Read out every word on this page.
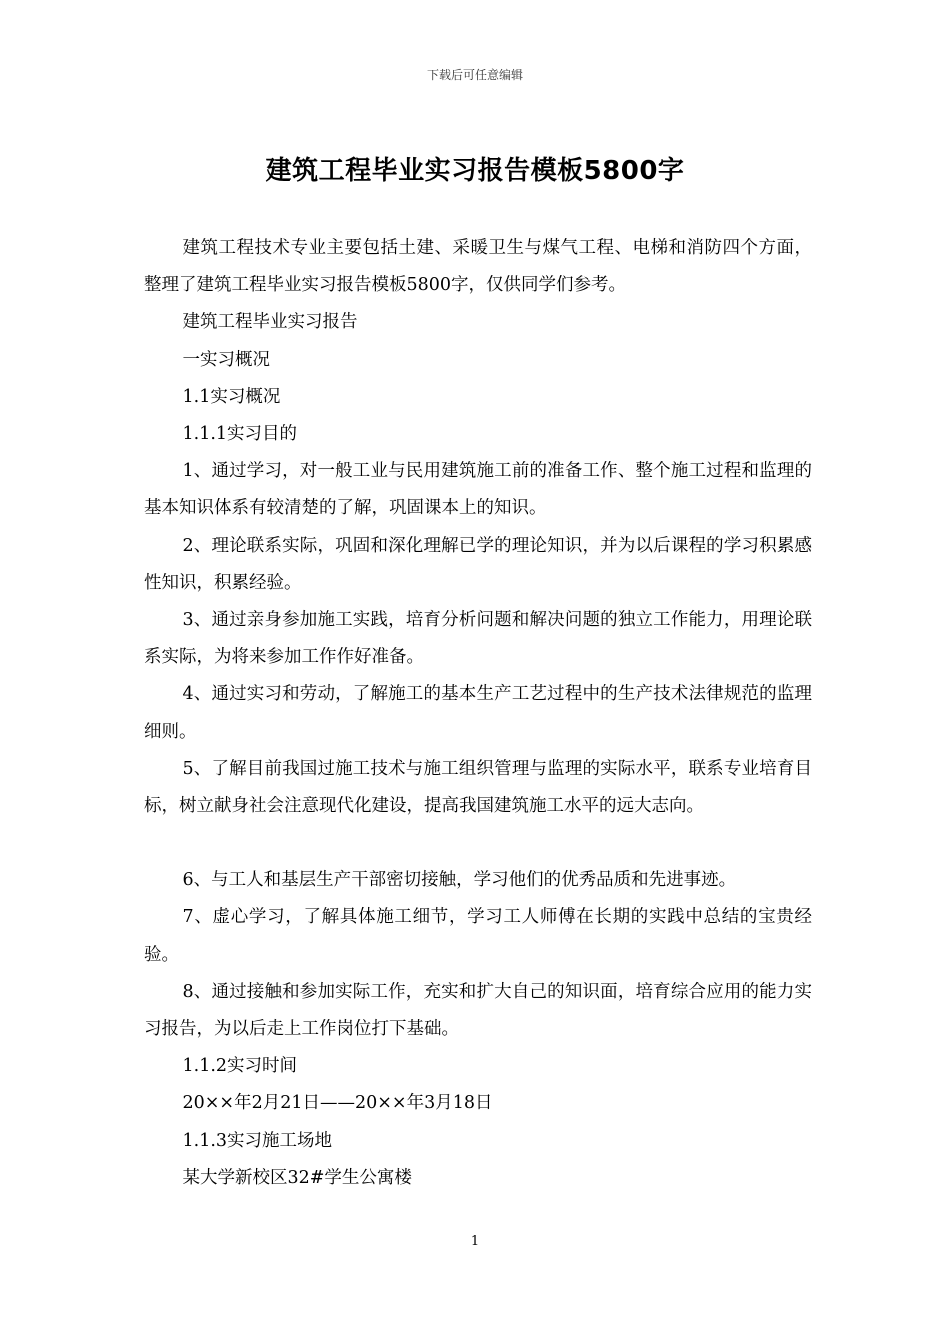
下载后可任意编辑
建筑工程毕业实习报告模板5800字

建筑工程技术专业主要包括土建、采暖卫生与煤气工程、电梯和消防四个方面，整理了建筑工程毕业实习报告模板5800字，仅供同学们参考。

建筑工程毕业实习报告

一实习概况

1.1实习概况

1.1.1实习目的

1、通过学习，对一般工业与民用建筑施工前的准备工作、整个施工过程和监理的基本知识体系有较清楚的了解，巩固课本上的知识。

2、理论联系实际，巩固和深化理解已学的理论知识，并为以后课程的学习积累感性知识，积累经验。

3、通过亲身参加施工实践，培育分析问题和解决问题的独立工作能力，用理论联系实际，为将来参加工作作好准备。

4、通过实习和劳动，了解施工的基本生产工艺过程中的生产技术法律规范的监理细则。

5、了解目前我国过施工技术与施工组织管理与监理的实际水平，联系专业培育目标，树立献身社会注意现代化建设，提高我国建筑施工水平的远大志向。

6、与工人和基层生产干部密切接触，学习他们的优秀品质和先进事迹。

7、虚心学习，了解具体施工细节，学习工人师傅在长期的实践中总结的宝贵经验。

8、通过接触和参加实际工作，充实和扩大自己的知识面，培育综合应用的能力实习报告，为以后走上工作岗位打下基础。

1.1.2实习时间

20××年2月21日——20××年3月18日

1.1.3实习施工场地

某大学新校区32#学生公寓楼

1
